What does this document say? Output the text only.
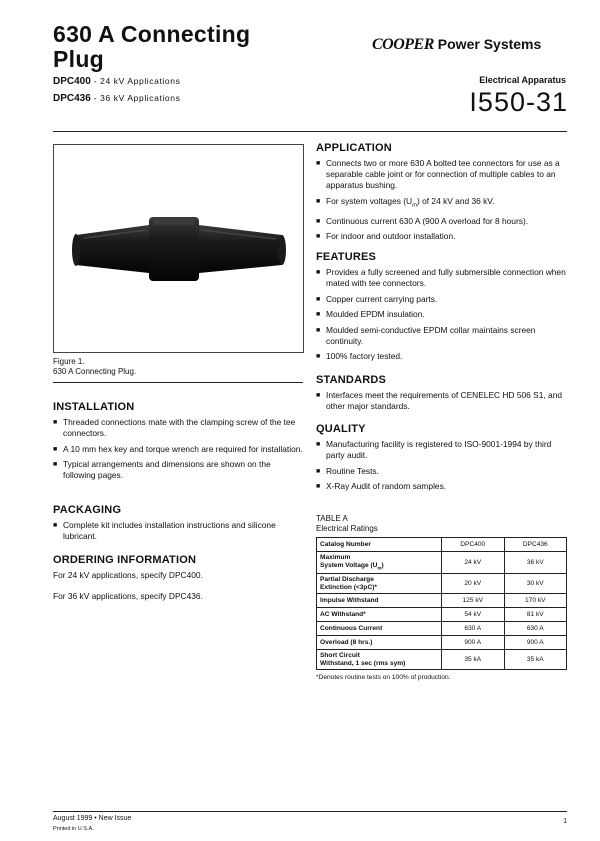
630 A Connecting
Plug
DPC400 - 24 kV Applications
DPC436 - 36 kV Applications
COOPER Power Systems
Electrical Apparatus
I550-31
Figure 1.
630 A Connecting Plug.
INSTALLATION
■ Threaded connections mate with the clamping screw of the tee connectors.
■ A 10 mm hex key and torque wrench are required for installation.
■ Typical arrangements and dimensions are shown on the following pages.
PACKAGING
■ Complete kit includes installation instructions and silicone lubricant.
ORDERING INFORMATION

For 24 kV applications, specify DPC400.

For 36 kV applications, specify DPC436.

APPLICATION
■ Connects two or more 630 A bolted tee connectors for use as a separable cable joint or for connection of multiple cables to an apparatus bushing.
■ For system voltages $(U_m)$ of 24 kV and 36 kV.
■ Continuous current 630 A (900 A overload for 8 hours).
■ For indoor and outdoor installation.
FEATURES
■ Provides a fully screened and fully submersible connection when mated with tee connectors.
■ Copper current carrying parts.
■ Moulded EPDM insulation.
■ Moulded semi-conductive EPDM collar maintains screen continuity.
■ 100% factory tested.
STANDARDS
■ Interfaces meet the requirements of CENELEC HD 506 S1, and other major standards.
QUALITY
■ Manufacturing facility is registered to ISO-9001-1994 by third party audit.
■ Routine Tests.
■ X-Ray Audit of random samples.
TABLE A
Electrical Ratings
Catalog Number	DPC400	DPC436

Maximum
System Voltage $(U_m)$	24 kV	36 kV

Partial Discharge
Extinction (<3pC)*	20 kV	30 kV
Impulse Withstand	125 kV	170 kV
AC Withstand*	54 kV	81 kV
Continuous Current	630 A	630 A
Overload (8 hrs.)	900 A	900 A

Short Circuit
Withstand, 1 sec (rms sym)	35 kA	35 kA
*Denotes routine tests on 100% of production.
August 1999 • New Issue
Printed in U.S.A.
1
